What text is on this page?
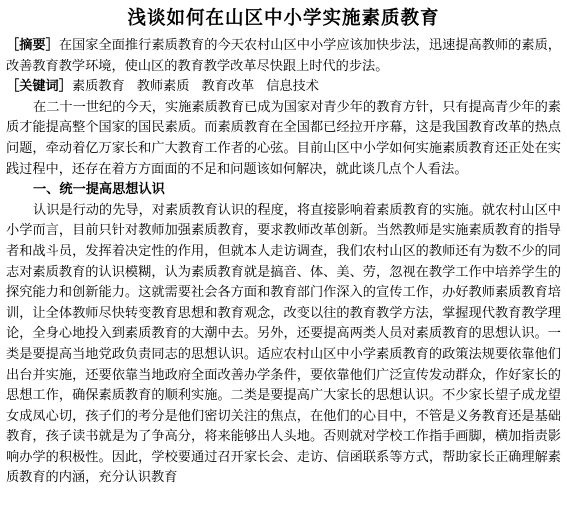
浅谈如何在山区中小学实施素质教育

［摘要］在国家全面推行素质教育的今天农村山区中小学应该加快步法，迅速提高教师的素质，改善教育教学环境，使山区的教育教学改革尽快跟上时代的步法。

［关键词］素质教育 教师素质 教育改革 信息技术

在二十一世纪的今天，实施素质教育已成为国家对青少年的教育方针，只有提高青少年的素质才能提高整个国家的国民素质。而素质教育在全国都已经拉开序幕，这是我国教育改革的热点问题，牵动着亿万家长和广大教育工作者的心弦。目前山区中小学如何实施素质教育还正处在实践过程中，还存在着方方面面的不足和问题该如何解决，就此谈几点个人看法。

一、统一提高思想认识

认识是行动的先导，对素质教育认识的程度，将直接影响着素质教育的实施。就农村山区中小学而言，目前只针对教师加强素质教育，要求教师改革创新。当然教师是实施素质教育的指导者和战斗员，发挥着决定性的作用，但就本人走访调查，我们农村山区的教师还有为数不少的同志对素质教育的认识模糊，认为素质教育就是搞音、体、美、劳，忽视在教学工作中培养学生的探究能力和创新能力。这就需要社会各方面和教育部门作深入的宣传工作，办好教师素质教育培训，让全体教师尽快转变教育思想和教育观念，改变以往的教育教学方法，掌握现代教育教学理论，全身心地投入到素质教育的大潮中去。另外，还要提高两类人员对素质教育的思想认识。一类是要提高当地党政负责同志的思想认识。适应农村山区中小学素质教育的政策法规要依靠他们出台并实施，还要依靠当地政府全面改善办学条件，要依靠他们广泛宣传发动群众，作好家长的思想工作，确保素质教育的顺利实施。二类是要提高广大家长的思想认识。不少家长望子成龙望女成凤心切，孩子们的考分是他们密切关注的焦点，在他们的心目中，不管是义务教育还是基础教育，孩子读书就是为了争高分，将来能够出人头地。否则就对学校工作指手画脚，横加指责影响办学的积极性。因此，学校要通过召开家长会、走访、信函联系等方式，帮助家长正确理解素质教育的内涵，充分认识教育
